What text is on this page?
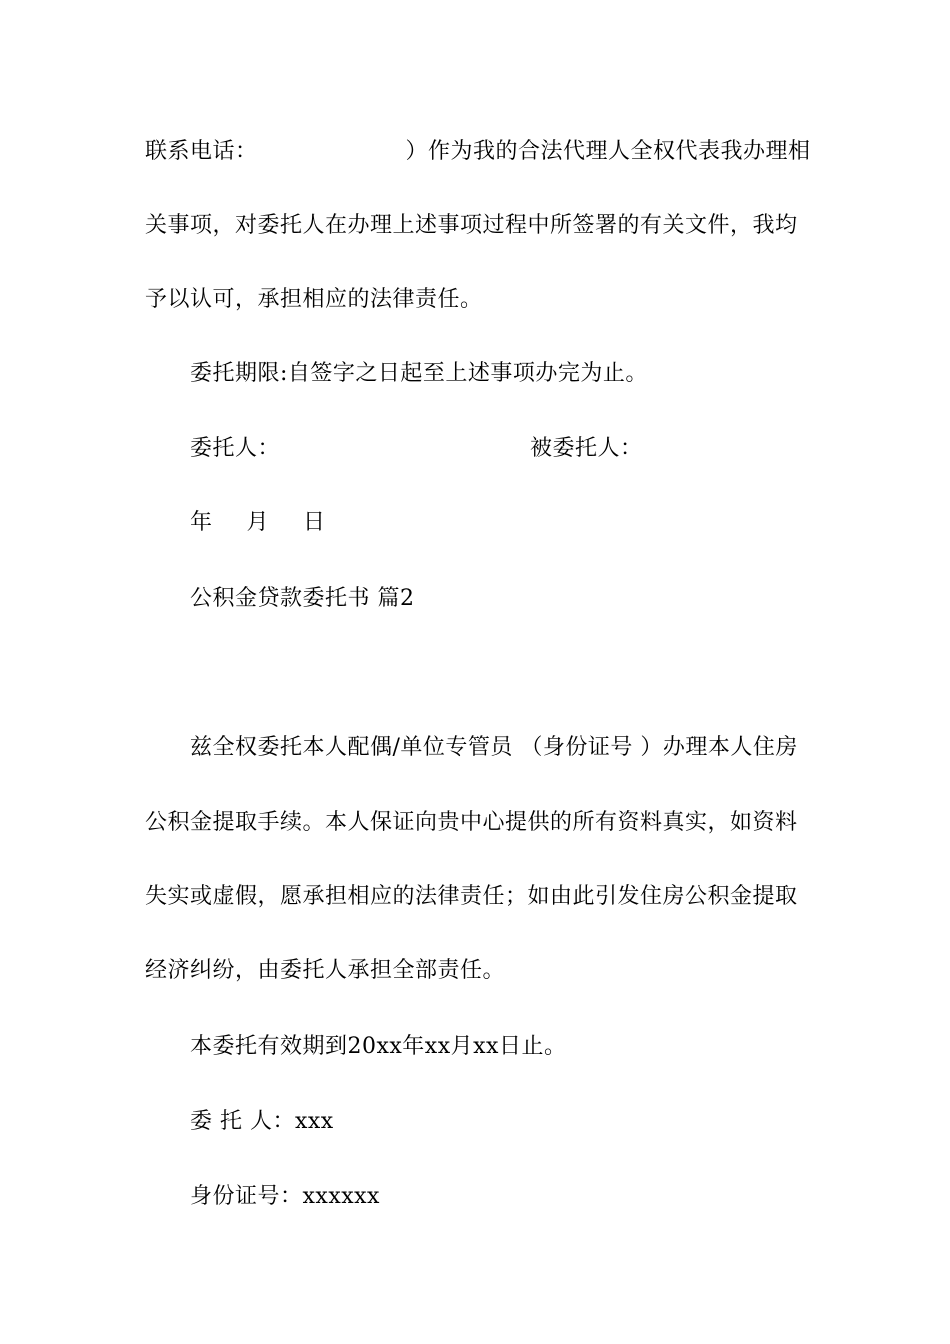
联系电话：	）作为我的合法代理人全权代表我办理相
关事项，对委托人在办理上述事项过程中所签署的有关文件，我均
予以认可，承担相应的法律责任。
委托期限:自签字之日起至上述事项办完为止。
委托人：	被委托人：
年 月 日
公积金贷款委托书 篇2
兹全权委托本人配偶/单位专管员 （身份证号 ）办理本人住房
公积金提取手续。本人保证向贵中心提供的所有资料真实，如资料
失实或虚假，愿承担相应的法律责任；如由此引发住房公积金提取
经济纠纷，由委托人承担全部责任。
本委托有效期到20xx年xx月xx日止。
委 托 人：xxx
身份证号：xxxxxx
